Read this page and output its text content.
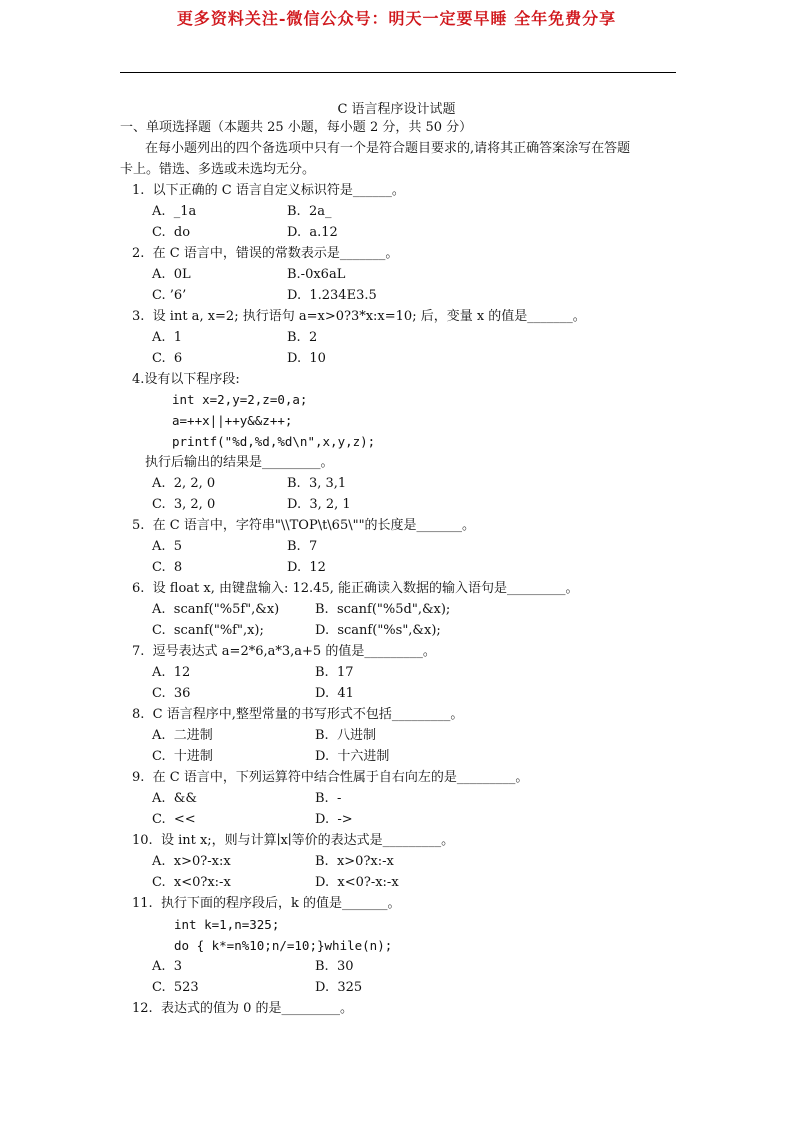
更多资料关注-微信公众号：明天一定要早睡 全年免费分享
C 语言程序设计试题
一、单项选择题（本题共 25 小题，每小题 2 分，共 50 分）
在每小题列出的四个备选项中只有一个是符合题目要求的,请将其正确答案涂写在答题
卡上。错选、多选或未选均无分。
1.  以下正确的 C 语言自定义标识符是______。
A.  _1a	B.  2a_
C.  do	D.  a.12
2.  在 C 语言中，错误的常数表示是_______。
A.  0L	B.-0x6aL
C. ’6’	D.  1.234E3.5
3.  设 int a, x=2; 执行语句 a=x>0?3*x:x=10; 后，变量 x 的值是_______。
A.  1	B.  2
C.  6	D.  10
4.设有以下程序段:
int x=2,y=2,z=0,a;
a=++x||++y&&z++;
printf("%d,%d,%d\n",x,y,z);
执行后输出的结果是_________。
A.  2, 2, 0	B.  3, 3,1
C.  3, 2, 0	D.  3, 2, 1
5.  在 C 语言中，字符串"\\TOP\t\65\""的长度是_______。
A.  5	B.  7
C.  8	D.  12
6.  设 float x, 由键盘输入: 12.45, 能正确读入数据的输入语句是_________。
A.  scanf("%5f",&x)	B.  scanf("%5d",&x);
C.  scanf("%f",x);	D.  scanf("%s",&x);
7.  逗号表达式 a=2*6,a*3,a+5 的值是_________。
A.  12	B.  17
C.  36	D.  41
8.  C 语言程序中,整型常量的书写形式不包括_________。
A.  二进制	B.  八进制
C.  十进制	D.  十六进制
9.  在 C 语言中，下列运算符中结合性属于自右向左的是_________。
A.  &&	B.  -
C.  <<	D.  ->
10.  设 int x;，则与计算∣x∣等价的表达式是_________。
A.  x>0?-x:x	B.  x>0?x:-x
C.  x<0?x:-x	D.  x<0?-x:-x
11.  执行下面的程序段后，k 的值是_______。
int k=1,n=325;
do { k*=n%10;n/=10;}while(n);
A.  3	B.  30
C.  523	D.  325
12.  表达式的值为 0 的是_________。
